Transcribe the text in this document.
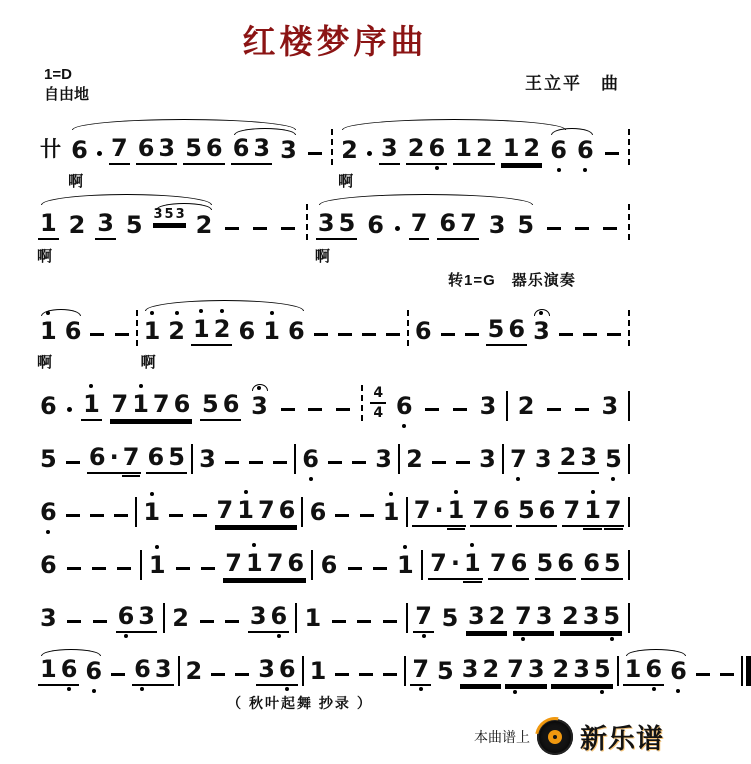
红楼梦序曲
1=D
自由地
王立平　曲
卄 6
啊
7 6 3 5 6 6 3 3 2
啊
3 2 6 1 2 1 2 6 6
1
啊
2 3 5 3 5 3 2	3 5
啊
6 7 6 7 3 5
转1=G　器乐演奏
1
啊
6	1
啊
2 1 2 6 1 6	6 5 6 3
6 1 7 1 7 6 5 6 3	4
4 6	3 2	3
5 6 · 7 6 5 3	6 3 2 3 7 3 2 3 5
6	1 7 1 7 6 6 1 7 · 1 7 6 5 6 7 1 7
6	1 7 1 7 6 6 1 7 · 1 7 6 5 6 6 5
3	6 3 2	3 6 1	7 5 3 2 7 3 2 3 5
1 6 6 6 3 2 3 6 1	7 5 3 2 7 3 2 3 5 1 6 6
（ 秋叶起舞 抄录 ）
本曲谱上 新乐谱
